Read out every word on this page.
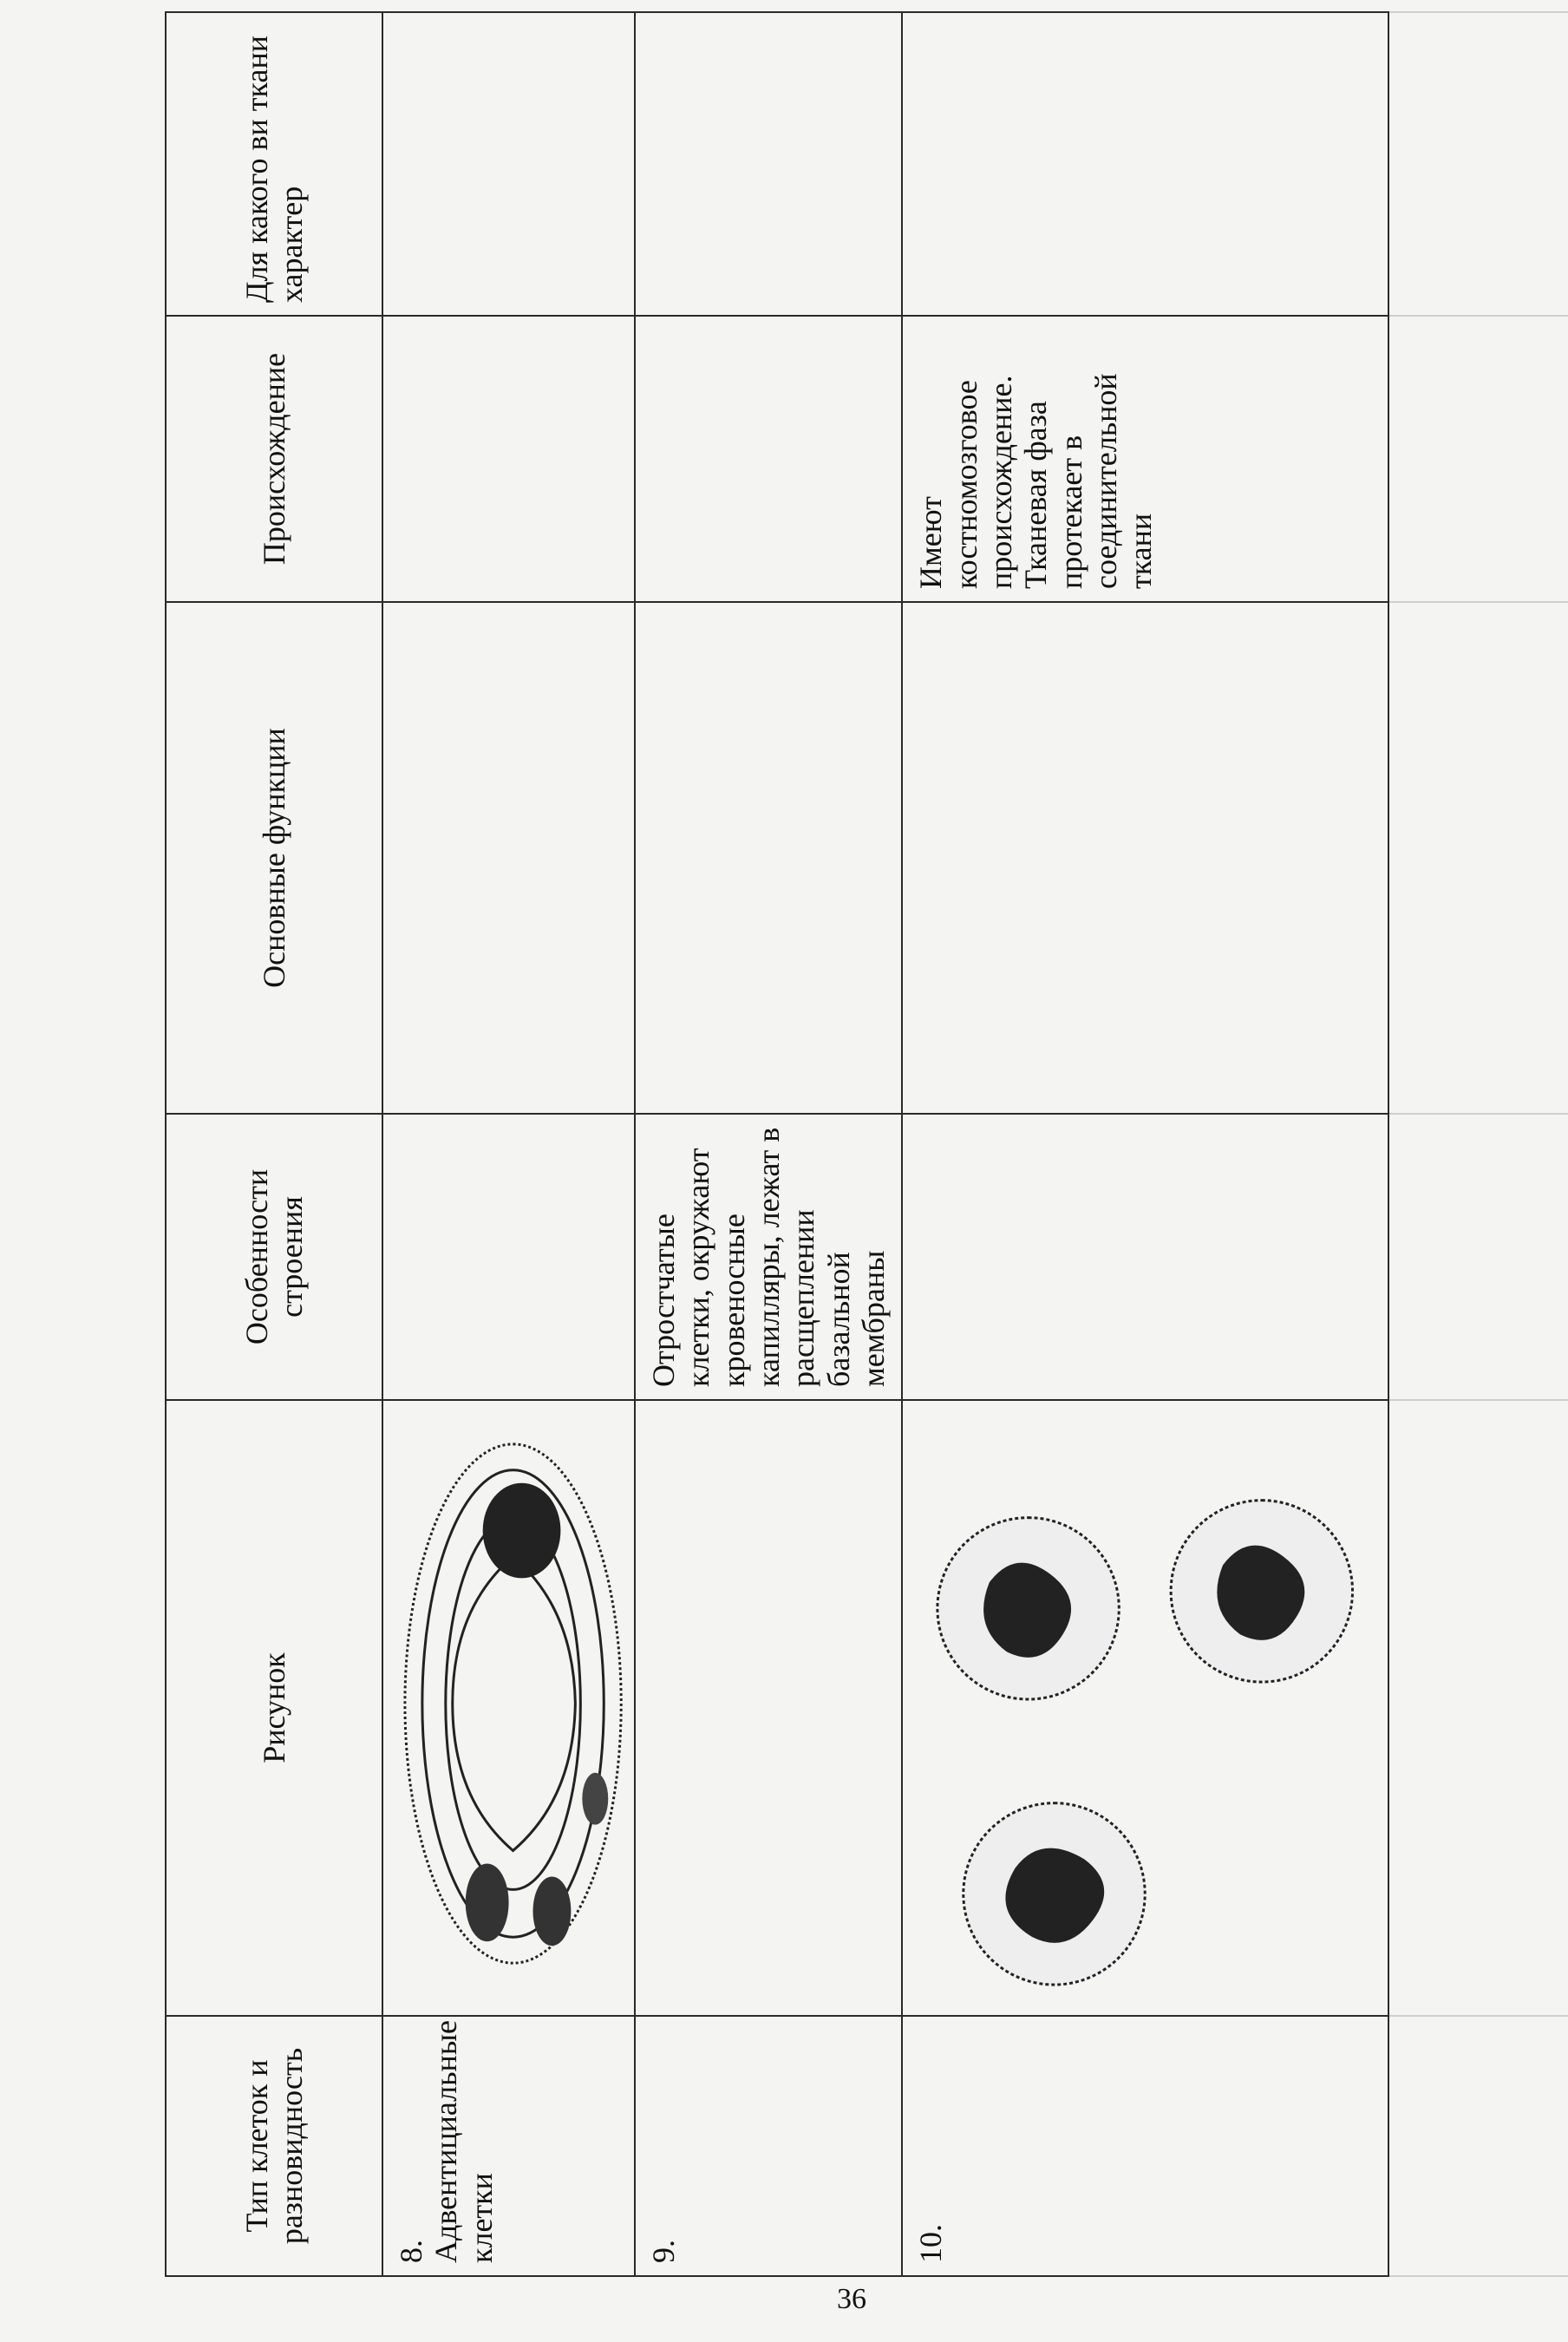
Тип клеток и разновидность	Рисунок	Особенности строения	Основные функции	Происхождение	Для какого ви ткани характер
8. Адвентициальные клетки	

9.		Отростчатые клетки, окружают кровеносные капилляры, лежат в расщеплении базальной мембраны			
10.				Имеют костномозговое происхождение. Тканевая фаза протекает в соединительной ткани	

36
